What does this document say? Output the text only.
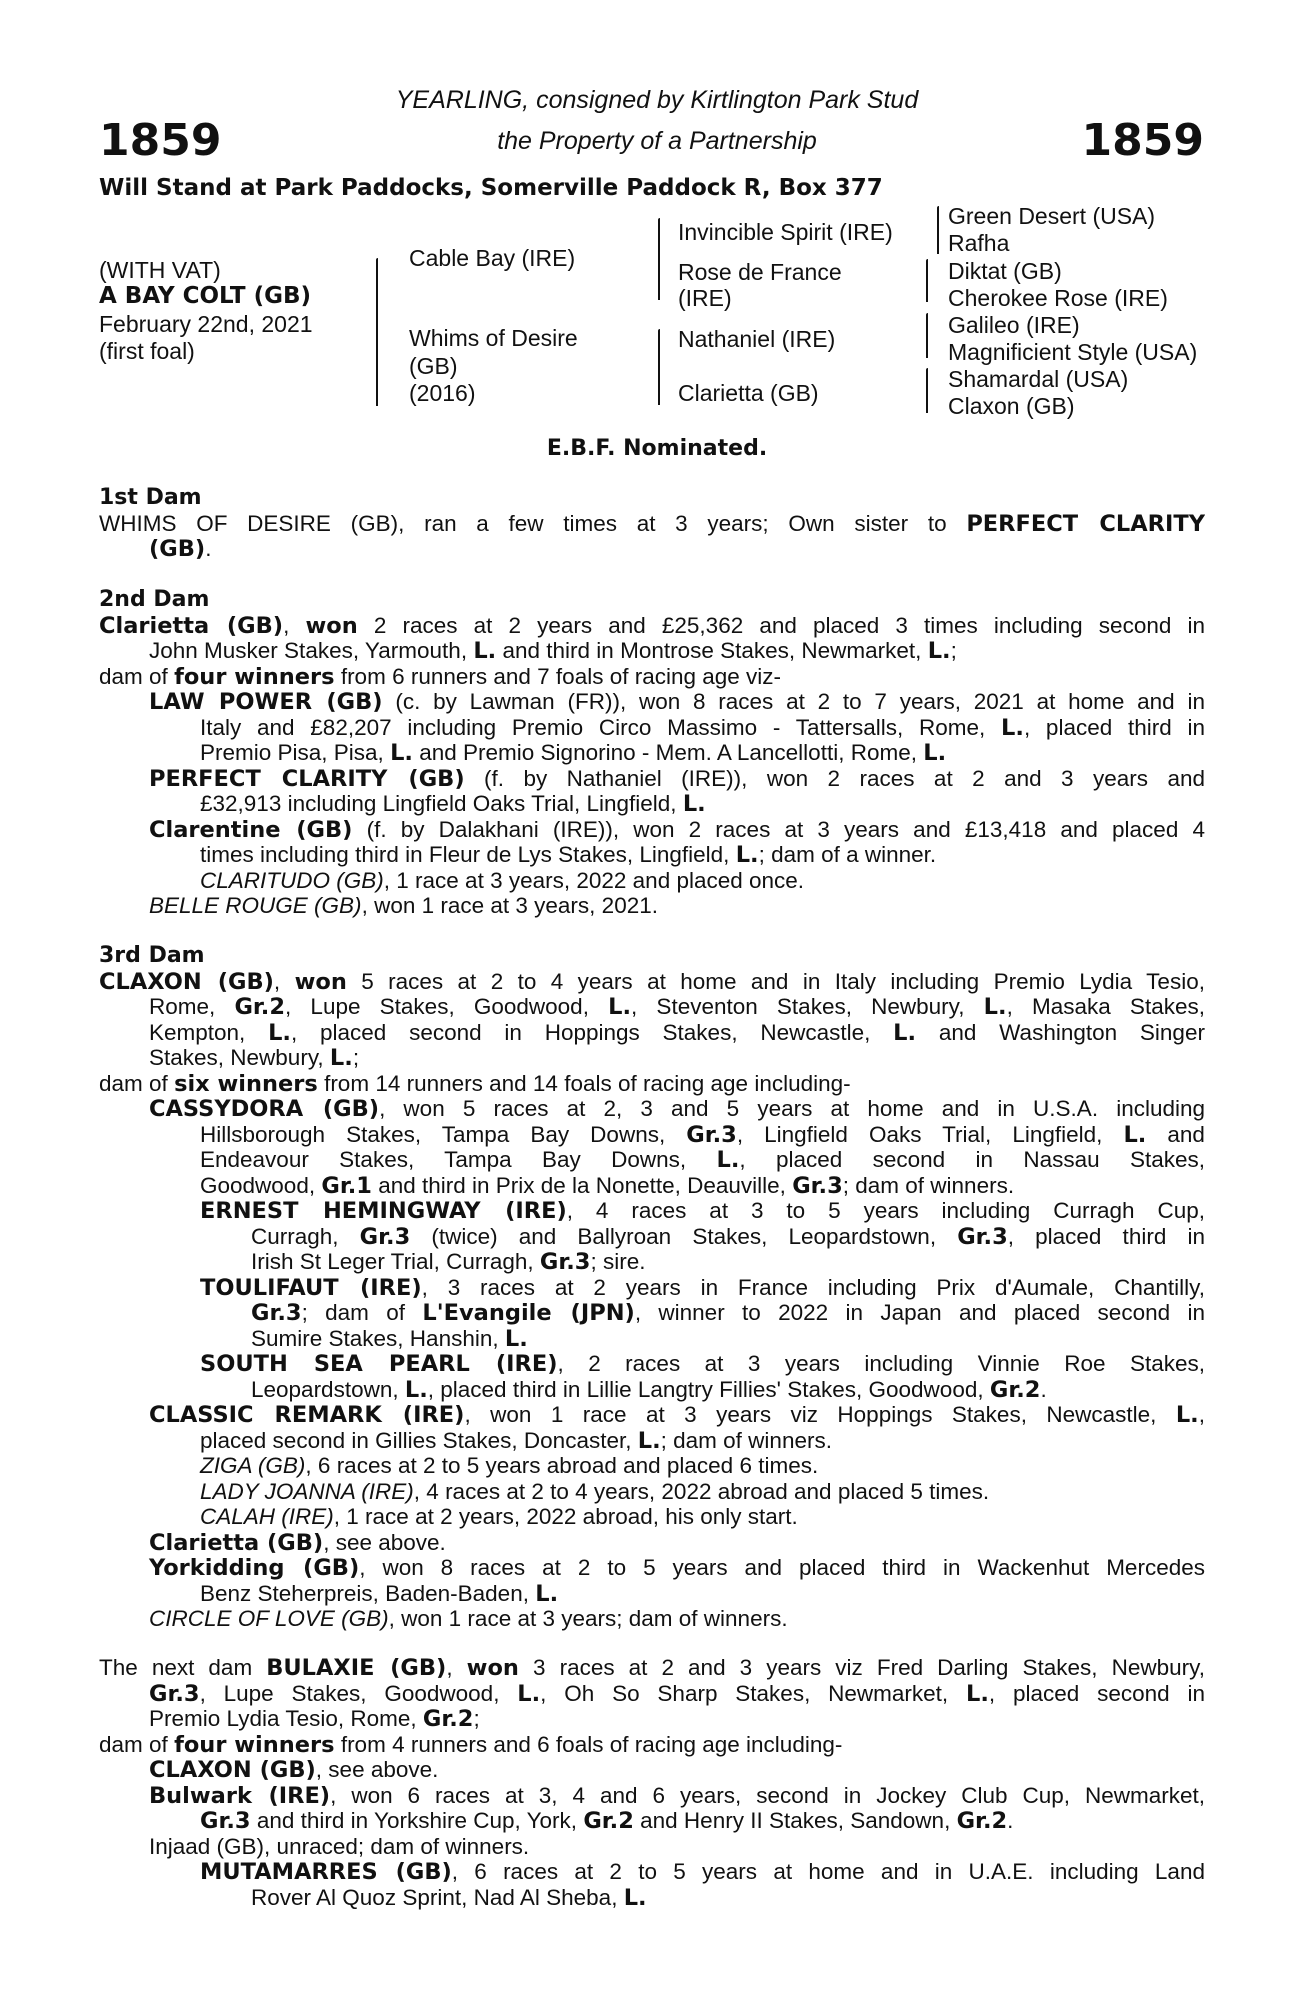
1859	1859
YEARLING, consigned by Kirtlington Park Stud
the Property of a Partnership
Will Stand at Park Paddocks, Somerville Paddock R, Box 377
(WITH VAT)
A BAY COLT (GB)
February 22nd, 2021
(first foal)
Cable Bay (IRE)
Whims of Desire
(GB)
(2016)
Invincible Spirit (IRE)
Rose de France
(IRE)
Nathaniel (IRE)
Clarietta (GB)
Green Desert (USA)
Rafha
Diktat (GB)
Cherokee Rose (IRE)
Galileo (IRE)
Magnificient Style (USA)
Shamardal (USA)
Claxon (GB)
E.B.F. Nominated.
1st Dam
WHIMS OF DESIRE (GB), ran a few times at 3 years; Own sister to PERFECT CLARITY
(GB).
2nd Dam
Clarietta (GB), won 2 races at 2 years and £25,362 and placed 3 times including second in
John Musker Stakes, Yarmouth, L. and third in Montrose Stakes, Newmarket, L.;
dam of four winners from 6 runners and 7 foals of racing age viz-
LAW POWER (GB) (c. by Lawman (FR)), won 8 races at 2 to 7 years, 2021 at home and in
Italy and £82,207 including Premio Circo Massimo - Tattersalls, Rome, L., placed third in
Premio Pisa, Pisa, L. and Premio Signorino - Mem. A Lancellotti, Rome, L.
PERFECT CLARITY (GB) (f. by Nathaniel (IRE)), won 2 races at 2 and 3 years and
£32,913 including Lingfield Oaks Trial, Lingfield, L.
Clarentine (GB) (f. by Dalakhani (IRE)), won 2 races at 3 years and £13,418 and placed 4
times including third in Fleur de Lys Stakes, Lingfield, L.; dam of a winner.
CLARITUDO (GB), 1 race at 3 years, 2022 and placed once.
BELLE ROUGE (GB), won 1 race at 3 years, 2021.
3rd Dam
CLAXON (GB), won 5 races at 2 to 4 years at home and in Italy including Premio Lydia Tesio,
Rome, Gr.2, Lupe Stakes, Goodwood, L., Steventon Stakes, Newbury, L., Masaka Stakes,
Kempton, L., placed second in Hoppings Stakes, Newcastle, L. and Washington Singer
Stakes, Newbury, L.;
dam of six winners from 14 runners and 14 foals of racing age including-
CASSYDORA (GB), won 5 races at 2, 3 and 5 years at home and in U.S.A. including
Hillsborough Stakes, Tampa Bay Downs, Gr.3, Lingfield Oaks Trial, Lingfield, L. and
Endeavour Stakes, Tampa Bay Downs, L., placed second in Nassau Stakes,
Goodwood, Gr.1 and third in Prix de la Nonette, Deauville, Gr.3; dam of winners.
ERNEST HEMINGWAY (IRE), 4 races at 3 to 5 years including Curragh Cup,
Curragh, Gr.3 (twice) and Ballyroan Stakes, Leopardstown, Gr.3, placed third in
Irish St Leger Trial, Curragh, Gr.3; sire.
TOULIFAUT (IRE), 3 races at 2 years in France including Prix d'Aumale, Chantilly,
Gr.3; dam of L'Evangile (JPN), winner to 2022 in Japan and placed second in
Sumire Stakes, Hanshin, L.
SOUTH SEA PEARL (IRE), 2 races at 3 years including Vinnie Roe Stakes,
Leopardstown, L., placed third in Lillie Langtry Fillies' Stakes, Goodwood, Gr.2.
CLASSIC REMARK (IRE), won 1 race at 3 years viz Hoppings Stakes, Newcastle, L.,
placed second in Gillies Stakes, Doncaster, L.; dam of winners.
ZIGA (GB), 6 races at 2 to 5 years abroad and placed 6 times.
LADY JOANNA (IRE), 4 races at 2 to 4 years, 2022 abroad and placed 5 times.
CALAH (IRE), 1 race at 2 years, 2022 abroad, his only start.
Clarietta (GB), see above.
Yorkidding (GB), won 8 races at 2 to 5 years and placed third in Wackenhut Mercedes
Benz Steherpreis, Baden-Baden, L.
CIRCLE OF LOVE (GB), won 1 race at 3 years; dam of winners.
The next dam BULAXIE (GB), won 3 races at 2 and 3 years viz Fred Darling Stakes, Newbury,
Gr.3, Lupe Stakes, Goodwood, L., Oh So Sharp Stakes, Newmarket, L., placed second in
Premio Lydia Tesio, Rome, Gr.2;
dam of four winners from 4 runners and 6 foals of racing age including-
CLAXON (GB), see above.
Bulwark (IRE), won 6 races at 3, 4 and 6 years, second in Jockey Club Cup, Newmarket,
Gr.3 and third in Yorkshire Cup, York, Gr.2 and Henry II Stakes, Sandown, Gr.2.
Injaad (GB), unraced; dam of winners.
MUTAMARRES (GB), 6 races at 2 to 5 years at home and in U.A.E. including Land
Rover Al Quoz Sprint, Nad Al Sheba, L.
